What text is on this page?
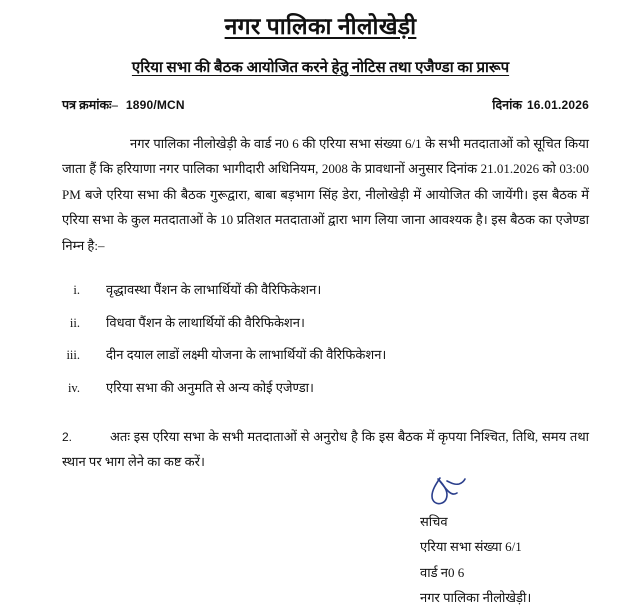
नगर पालिका नीलोखेड़ी
एरिया सभा की बैठक आयोजित करने हेतु नोटिस तथा एजैण्डा का प्रारूप
पत्र क्रमांकः– 1890/MCN	दिनांक 16.01.2026

नगर पालिका नीलोखेड़ी के वार्ड न0 6 की एरिया सभा संख्या 6/1 के सभी मतदाताओं को सूचित किया जाता हैं कि हरियाणा नगर पालिका भागीदारी अधिनियम, 2008 के प्रावधानों अनुसार दिनांक 21.01.2026 को 03:00 PM बजे एरिया सभा की बैठक गुरूद्वारा, बाबा बड़भाग सिंह डेरा, नीलोखेड़ी में आयोजित की जायेंगी। इस बैठक में एरिया सभा के कुल मतदाताओं के 10 प्रतिशत मतदाताओं द्वारा भाग लिया जाना आवश्यक है। इस बैठक का एजेण्डा निम्न है:–

i.	वृद्धावस्था पैंशन के लाभार्थियों की वैरिफिकेशन।
ii.	विधवा पैंशन के लाथार्थियों की वैरिफिकेशन।
iii.	दीन दयाल लाडों लक्ष्मी योजना के लाभार्थियों की वैरिफिकेशन।
iv.	एरिया सभा की अनुमति से अन्य कोई एजेण्डा।

2.	अतः इस एरिया सभा के सभी मतदाताओं से अनुरोध है कि इस बैठक में कृपया निश्चित, तिथि, समय तथा स्थान पर भाग लेने का कष्ट करें।

सचिव
एरिया सभा संख्या 6/1
वार्ड न0 6
नगर पालिका नीलोखेड़ी।
